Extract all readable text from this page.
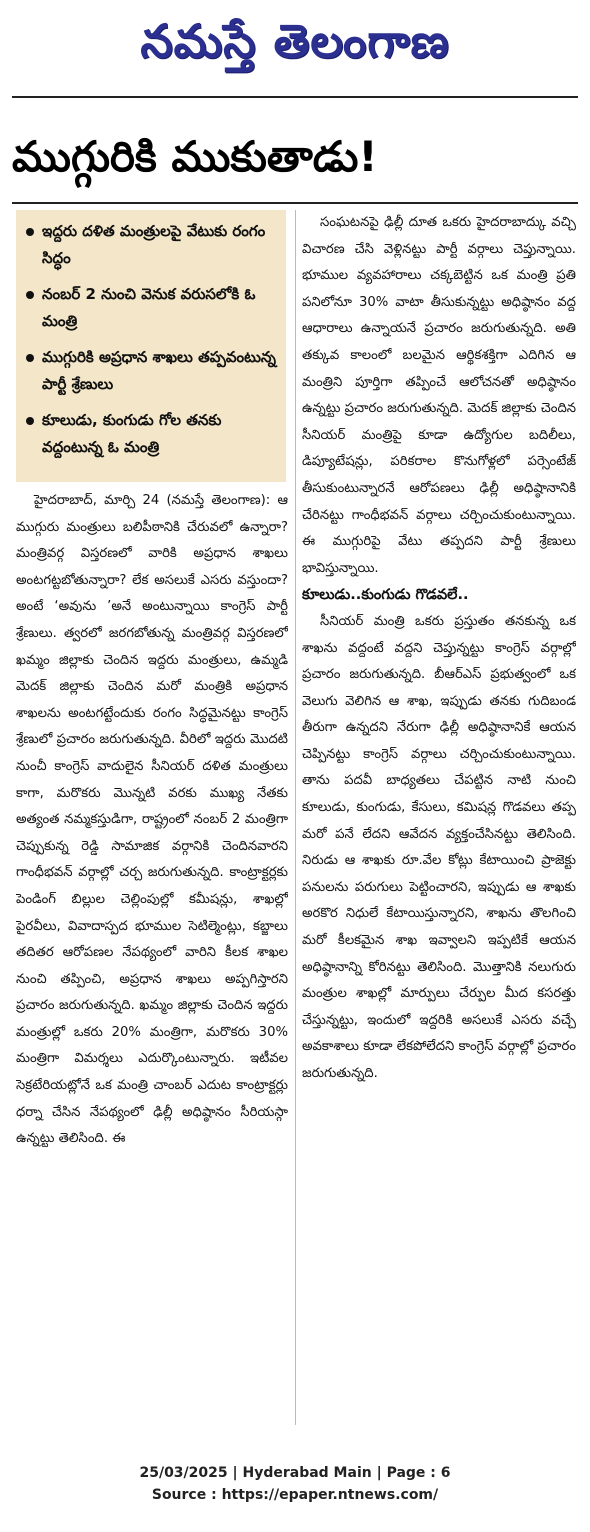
నమస్తే తెలంగాణ
ముగ్గురికి ముకుతాడు!
ఇద్దరు దళిత మంత్రులపై వేటుకు రంగం సిద్ధం
నంబర్ 2 నుంచి వెనుక వరుసలోకి ఓ మంత్రి
ముగ్గురికి అప్రధాన శాఖలు తప్పవంటున్న పార్టీ శ్రేణులు
కూలుడు, కుంగుడు గోల తనకు వద్దంటున్న ఓ మంత్రి

హైదరాబాద్, మార్చి 24 (నమస్తే తెలంగాణ): ఆ ముగ్గురు మంత్రులు బలిపీఠానికి చేరువలో ఉన్నారా? మంత్రివర్గ విస్తరణలో వారికి అప్రధాన శాఖలు అంటగట్టబోతున్నారా? లేక అసలుకే ఎసరు వస్తుందా? అంటే ‘అవును ’అనే అంటున్నాయి కాంగ్రెస్ పార్టీ శ్రేణులు. త్వరలో జరగబోతున్న మంత్రివర్గ విస్తరణలో ఖమ్మం జిల్లాకు చెందిన ఇద్దరు మంత్రులు, ఉమ్మడి మెదక్ జిల్లాకు చెందిన మరో మంత్రికి అప్రధాన శాఖలను అంటగట్టేందుకు రంగం సిద్ధమైనట్టు కాంగ్రెస్ శ్రేణులో ప్రచారం జరుగుతున్నది. వీరిలో ఇద్దరు మొదటి నుంచీ కాంగ్రెస్ వాదులైన సీనియర్ దళిత మంత్రులు కాగా, మరొకరు మొన్నటి వరకు ముఖ్య నేతకు అత్యంత నమ్మకస్తుడిగా, రాష్ట్రంలో నంబర్ 2 మంత్రిగా చెప్పుకున్న రెడ్డి సామాజిక వర్గానికి చెందినవారని గాంధీభవన్ వర్గాల్లో చర్చ జరుగుతున్నది. కాంట్రాక్టర్లకు పెండింగ్ బిల్లుల చెల్లింపుల్లో కమీషన్లు, శాఖల్లో పైరవీలు, వివాదాస్పద భూముల సెటిల్మెంట్లు, కబ్జాలు తదితర ఆరోపణల నేపథ్యంలో వారిని కీలక శాఖల నుంచి తప్పించి, అప్రధాన శాఖలు అప్పగిస్తారని ప్రచారం జరుగుతున్నది. ఖమ్మం జిల్లాకు చెందిన ఇద్దరు మంత్రుల్లో ఒకరు 20% మంత్రిగా, మరొకరు 30% మంత్రిగా విమర్శలు ఎదుర్కొంటున్నారు. ఇటీవల సెక్రటేరియట్లోనే ఒక మంత్రి చాంబర్ ఎదుట కాంట్రాక్టర్లు ధర్నా చేసిన నేపథ్యంలో ఢిల్లీ అధిష్ఠానం సీరియస్గా ఉన్నట్టు తెలిసింది. ఈ

సంఘటనపై ఢిల్లీ దూత ఒకరు హైదరాబాద్కు వచ్చి విచారణ చేసి వెళ్లినట్టు పార్టీ వర్గాలు చెప్తున్నాయి. భూముల వ్యవహారాలు చక్కబెట్టిన ఒక మంత్రి ప్రతి పనిలోనూ 30% వాటా తీసుకున్నట్టు అధిష్ఠానం వద్ద ఆధారాలు ఉన్నాయనే ప్రచారం జరుగుతున్నది. అతి తక్కువ కాలంలో బలమైన ఆర్థికశక్తిగా ఎదిగిన ఆ మంత్రిని పూర్తిగా తప్పించే ఆలోచనతో అధిష్ఠానం ఉన్నట్టు ప్రచారం జరుగుతున్నది. మెదక్ జిల్లాకు చెందిన సీనియర్ మంత్రిపై కూడా ఉద్యోగుల బదిలీలు, డిప్యూటేషన్లు, పరికరాల కొనుగోళ్లలో పర్సెంటేజ్ తీసుకుంటున్నారనే ఆరోపణలు ఢిల్లీ అధిష్ఠానానికి చేరినట్టు గాంధీభవన్ వర్గాలు చర్చించుకుంటున్నాయి. ఈ ముగ్గురిపై వేటు తప్పదని పార్టీ శ్రేణులు భావిస్తున్నాయి.

కూలుడు..కుంగుడు గొడవలే..

సీనియర్ మంత్రి ఒకరు ప్రస్తుతం తనకున్న ఒక శాఖను వద్దంటే వద్దని చెప్తున్నట్టు కాంగ్రెస్ వర్గాల్లో ప్రచారం జరుగుతున్నది. బీఆర్ఎస్ ప్రభుత్వంలో ఒక వెలుగు వెలిగిన ఆ శాఖ, ఇప్పుడు తనకు గుదిబండ తీరుగా ఉన్నదని నేరుగా ఢిల్లీ అధిష్ఠానానికే ఆయన చెప్పినట్టు కాంగ్రెస్ వర్గాలు చర్చించుకుంటున్నాయి. తాను పదవీ బాధ్యతలు చేపట్టిన నాటి నుంచి కూలుడు, కుంగుడు, కేసులు, కమిషన్ల గొడవలు తప్ప మరో పనే లేదని ఆవేదన వ్యక్తంచేసినట్టు తెలిసింది. నిరుడు ఆ శాఖకు రూ.వేల కోట్లు కేటాయించి ప్రాజెక్టు పనులను పరుగులు పెట్టించారని, ఇప్పుడు ఆ శాఖకు అరకొర నిధులే కేటాయిస్తున్నారని, శాఖను తొలగించి మరో కీలకమైన శాఖ ఇవ్వాలని ఇప్పటికే ఆయన అధిష్ఠానాన్ని కోరినట్టు తెలిసింది. మొత్తానికి నలుగురు మంత్రుల శాఖల్లో మార్పులు చేర్పుల మీద కసరత్తు చేస్తున్నట్టు, ఇందులో ఇద్దరికి అసలుకే ఎసరు వచ్చే అవకాశాలు కూడా లేకపోలేదని కాంగ్రెస్ వర్గాల్లో ప్రచారం జరుగుతున్నది.

25/03/2025 | Hyderabad Main | Page : 6
Source : https://epaper.ntnews.com/
